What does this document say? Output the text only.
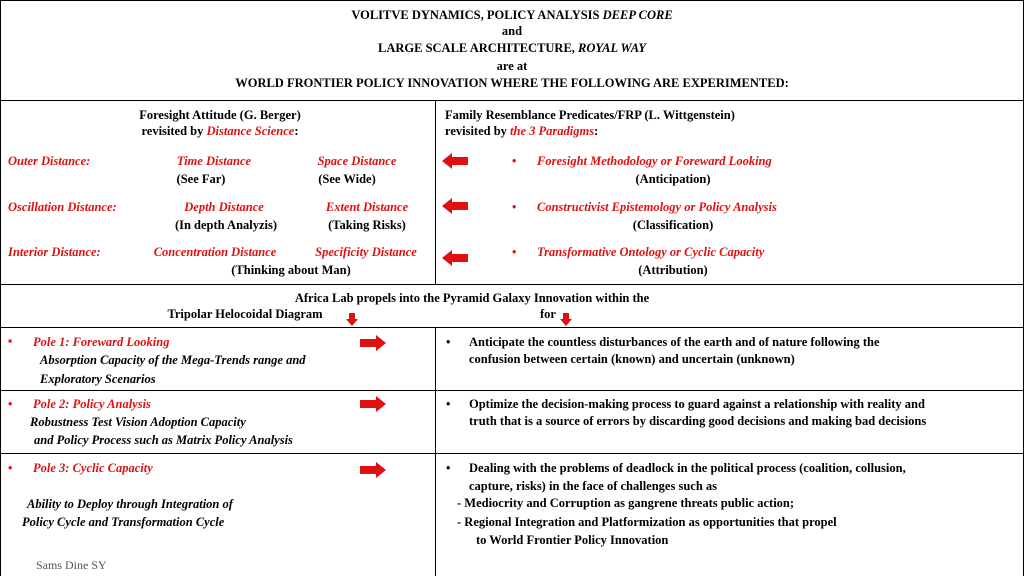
VOLITVE DYNAMICS, POLICY ANALYSIS DEEP CORE
and
LARGE SCALE ARCHITECTURE, ROYAL WAY
are at
WORLD FRONTIER POLICY INNOVATION WHERE THE FOLLOWING ARE EXPERIMENTED:
Foresight Attitude (G. Berger)
revisited by Distance Science:
Family Resemblance Predicates/FRP (L. Wittgenstein)
revisited by the 3 Paradigms:
Outer Distance:	Time Distance	Space Distance
(See Far)	(See Wide)
Oscillation Distance:	Depth Distance	Extent Distance
(In depth Analyzis)	(Taking Risks)
Interior Distance:	Concentration Distance	Specificity Distance
(Thinking about Man)
• Foresight Methodology or Foreward Looking
(Anticipation)
• Constructivist Epistemology or Policy Analysis
(Classification)
• Transformative Ontology or Cyclic Capacity
(Attribution)
Africa Lab propels into the Pyramid Galaxy Innovation within the
Tripolar Helocoidal Diagram	for
▪ Pole 1: Foreward Looking
Absorption Capacity of the Mega-Trends range and
Exploratory Scenarios
• Anticipate the countless disturbances of the earth and of nature following the
confusion between certain (known) and uncertain (unknown)
• Pole 2: Policy Analysis
Robustness Test Vision Adoption Capacity
and Policy Process such as Matrix Policy Analysis
• Optimize the decision-making process to guard against a relationship with reality and
truth that is a source of errors by discarding good decisions and making bad decisions
• Pole 3: Cyclic Capacity
Ability to Deploy through Integration of
Policy Cycle and Transformation Cycle
• Dealing with the problems of deadlock in the political process (coalition, collusion,
capture, risks) in the face of challenges such as
- Mediocrity and Corruption as gangrene threats public action;
- Regional Integration and Platformization as opportunities that propel
to World Frontier Policy Innovation
Sams Dine SY
